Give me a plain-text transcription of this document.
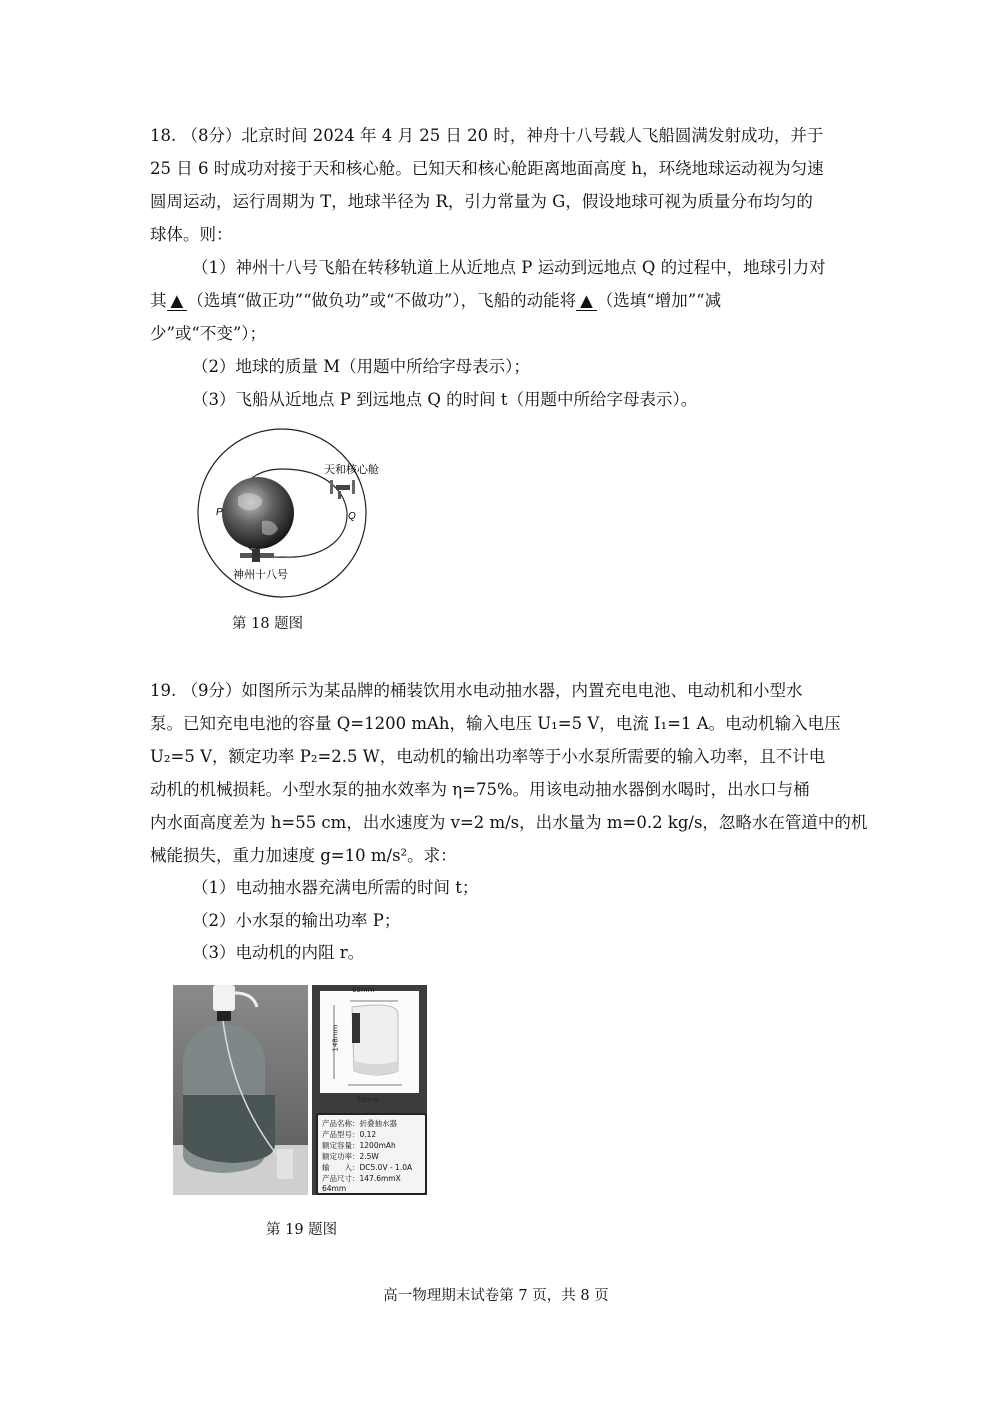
18. （8分）北京时间 2024 年 4 月 25 日 20 时，神舟十八号载人飞船圆满发射成功，并于
25 日 6 时成功对接于天和核心舱。已知天和核心舱距离地面高度 h，环绕地球运动视为匀速
圆周运动，运行周期为 T，地球半径为 R，引力常量为 G，假设地球可视为质量分布均匀的
球体。则：
（1）神州十八号飞船在转移轨道上从近地点 P 运动到远地点 Q 的过程中，地球引力对
其 ▲ （选填“做正功”“做负功”或“不做功”），飞船的动能将 ▲ （选填“增加”“减
少”或“不变”）；
（2）地球的质量 M（用题中所给字母表示）；
（3）飞船从近地点 P 到远地点 Q 的时间 t（用题中所给字母表示）。
天和核心舱
Q
P
神州十八号
第 18 题图
19. （9分）如图所示为某品牌的桶装饮用水电动抽水器，内置充电电池、电动机和小型水
泵。已知充电电池的容量 Q=1200 mAh，输入电压 U₁=5 V，电流 I₁=1 A。电动机输入电压
U₂=5 V，额定功率 P₂=2.5 W，电动机的输出功率等于小水泵所需要的输入功率，且不计电
动机的机械损耗。小型水泵的抽水效率为 η=75%。用该电动抽水器倒水喝时，出水口与桶
内水面高度差为 h=55 cm，出水速度为 v=2 m/s，出水量为 m=0.2 kg/s，忽略水在管道中的机
械能损失，重力加速度 g=10 m/s²。求：
（1）电动抽水器充满电所需的时间 t；
（2）小水泵的输出功率 P；
（3）电动机的内阻 r。
65mm
148mm
70mm
产品名称：折叠抽水器
产品型号：0.12
额定容量：1200mAh
额定功率：2.5W
输　　入：DC5.0V - 1.0A
产品尺寸：147.6mmX 64mm
第 19 题图
高一物理期末试卷第 7 页，共 8 页
